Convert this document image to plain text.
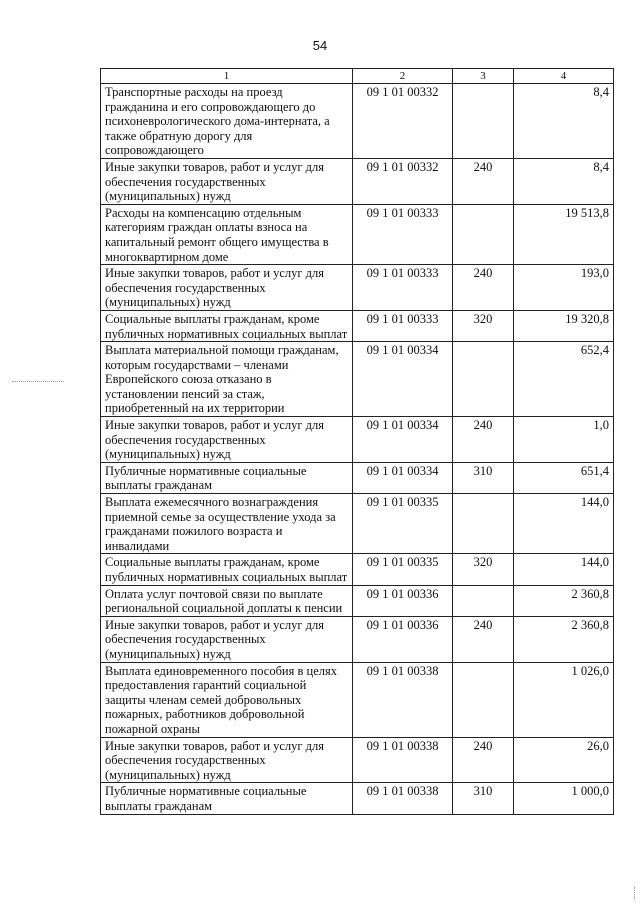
54
1	2	3	4
Транспортные расходы на проезд гражданина и его сопровождающего до психоневрологического дома-интерната, а также обратную дорогу для сопровождающего	09 1 01 00332		8,4
Иные закупки товаров, работ и услуг для обеспечения государственных (муниципальных) нужд	09 1 01 00332	240	8,4
Расходы на компенсацию отдельным категориям граждан оплаты взноса на капитальный ремонт общего имущества в многоквартирном доме	09 1 01 00333		19 513,8
Иные закупки товаров, работ и услуг для обеспечения государственных (муниципальных) нужд	09 1 01 00333	240	193,0
Социальные выплаты гражданам, кроме публичных нормативных социальных выплат	09 1 01 00333	320	19 320,8
Выплата материальной помощи гражданам, которым государствами – членами Европейского союза отказано в установлении пенсий за стаж, приобретенный на их территории	09 1 01 00334		652,4
Иные закупки товаров, работ и услуг для обеспечения государственных (муниципальных) нужд	09 1 01 00334	240	1,0
Публичные нормативные социальные выплаты гражданам	09 1 01 00334	310	651,4
Выплата ежемесячного вознаграждения приемной семье за осуществление ухода за гражданами пожилого возраста и инвалидами	09 1 01 00335		144,0
Социальные выплаты гражданам, кроме публичных нормативных социальных выплат	09 1 01 00335	320	144,0
Оплата услуг почтовой связи по выплате региональной социальной доплаты к пенсии	09 1 01 00336		2 360,8
Иные закупки товаров, работ и услуг для обеспечения государственных (муниципальных) нужд	09 1 01 00336	240	2 360,8
Выплата единовременного пособия в целях предоставления гарантий социальной защиты членам семей добровольных пожарных, работников добровольной пожарной охраны	09 1 01 00338		1 026,0
Иные закупки товаров, работ и услуг для обеспечения государственных (муниципальных) нужд	09 1 01 00338	240	26,0
Публичные нормативные социальные выплаты гражданам	09 1 01 00338	310	1 000,0
